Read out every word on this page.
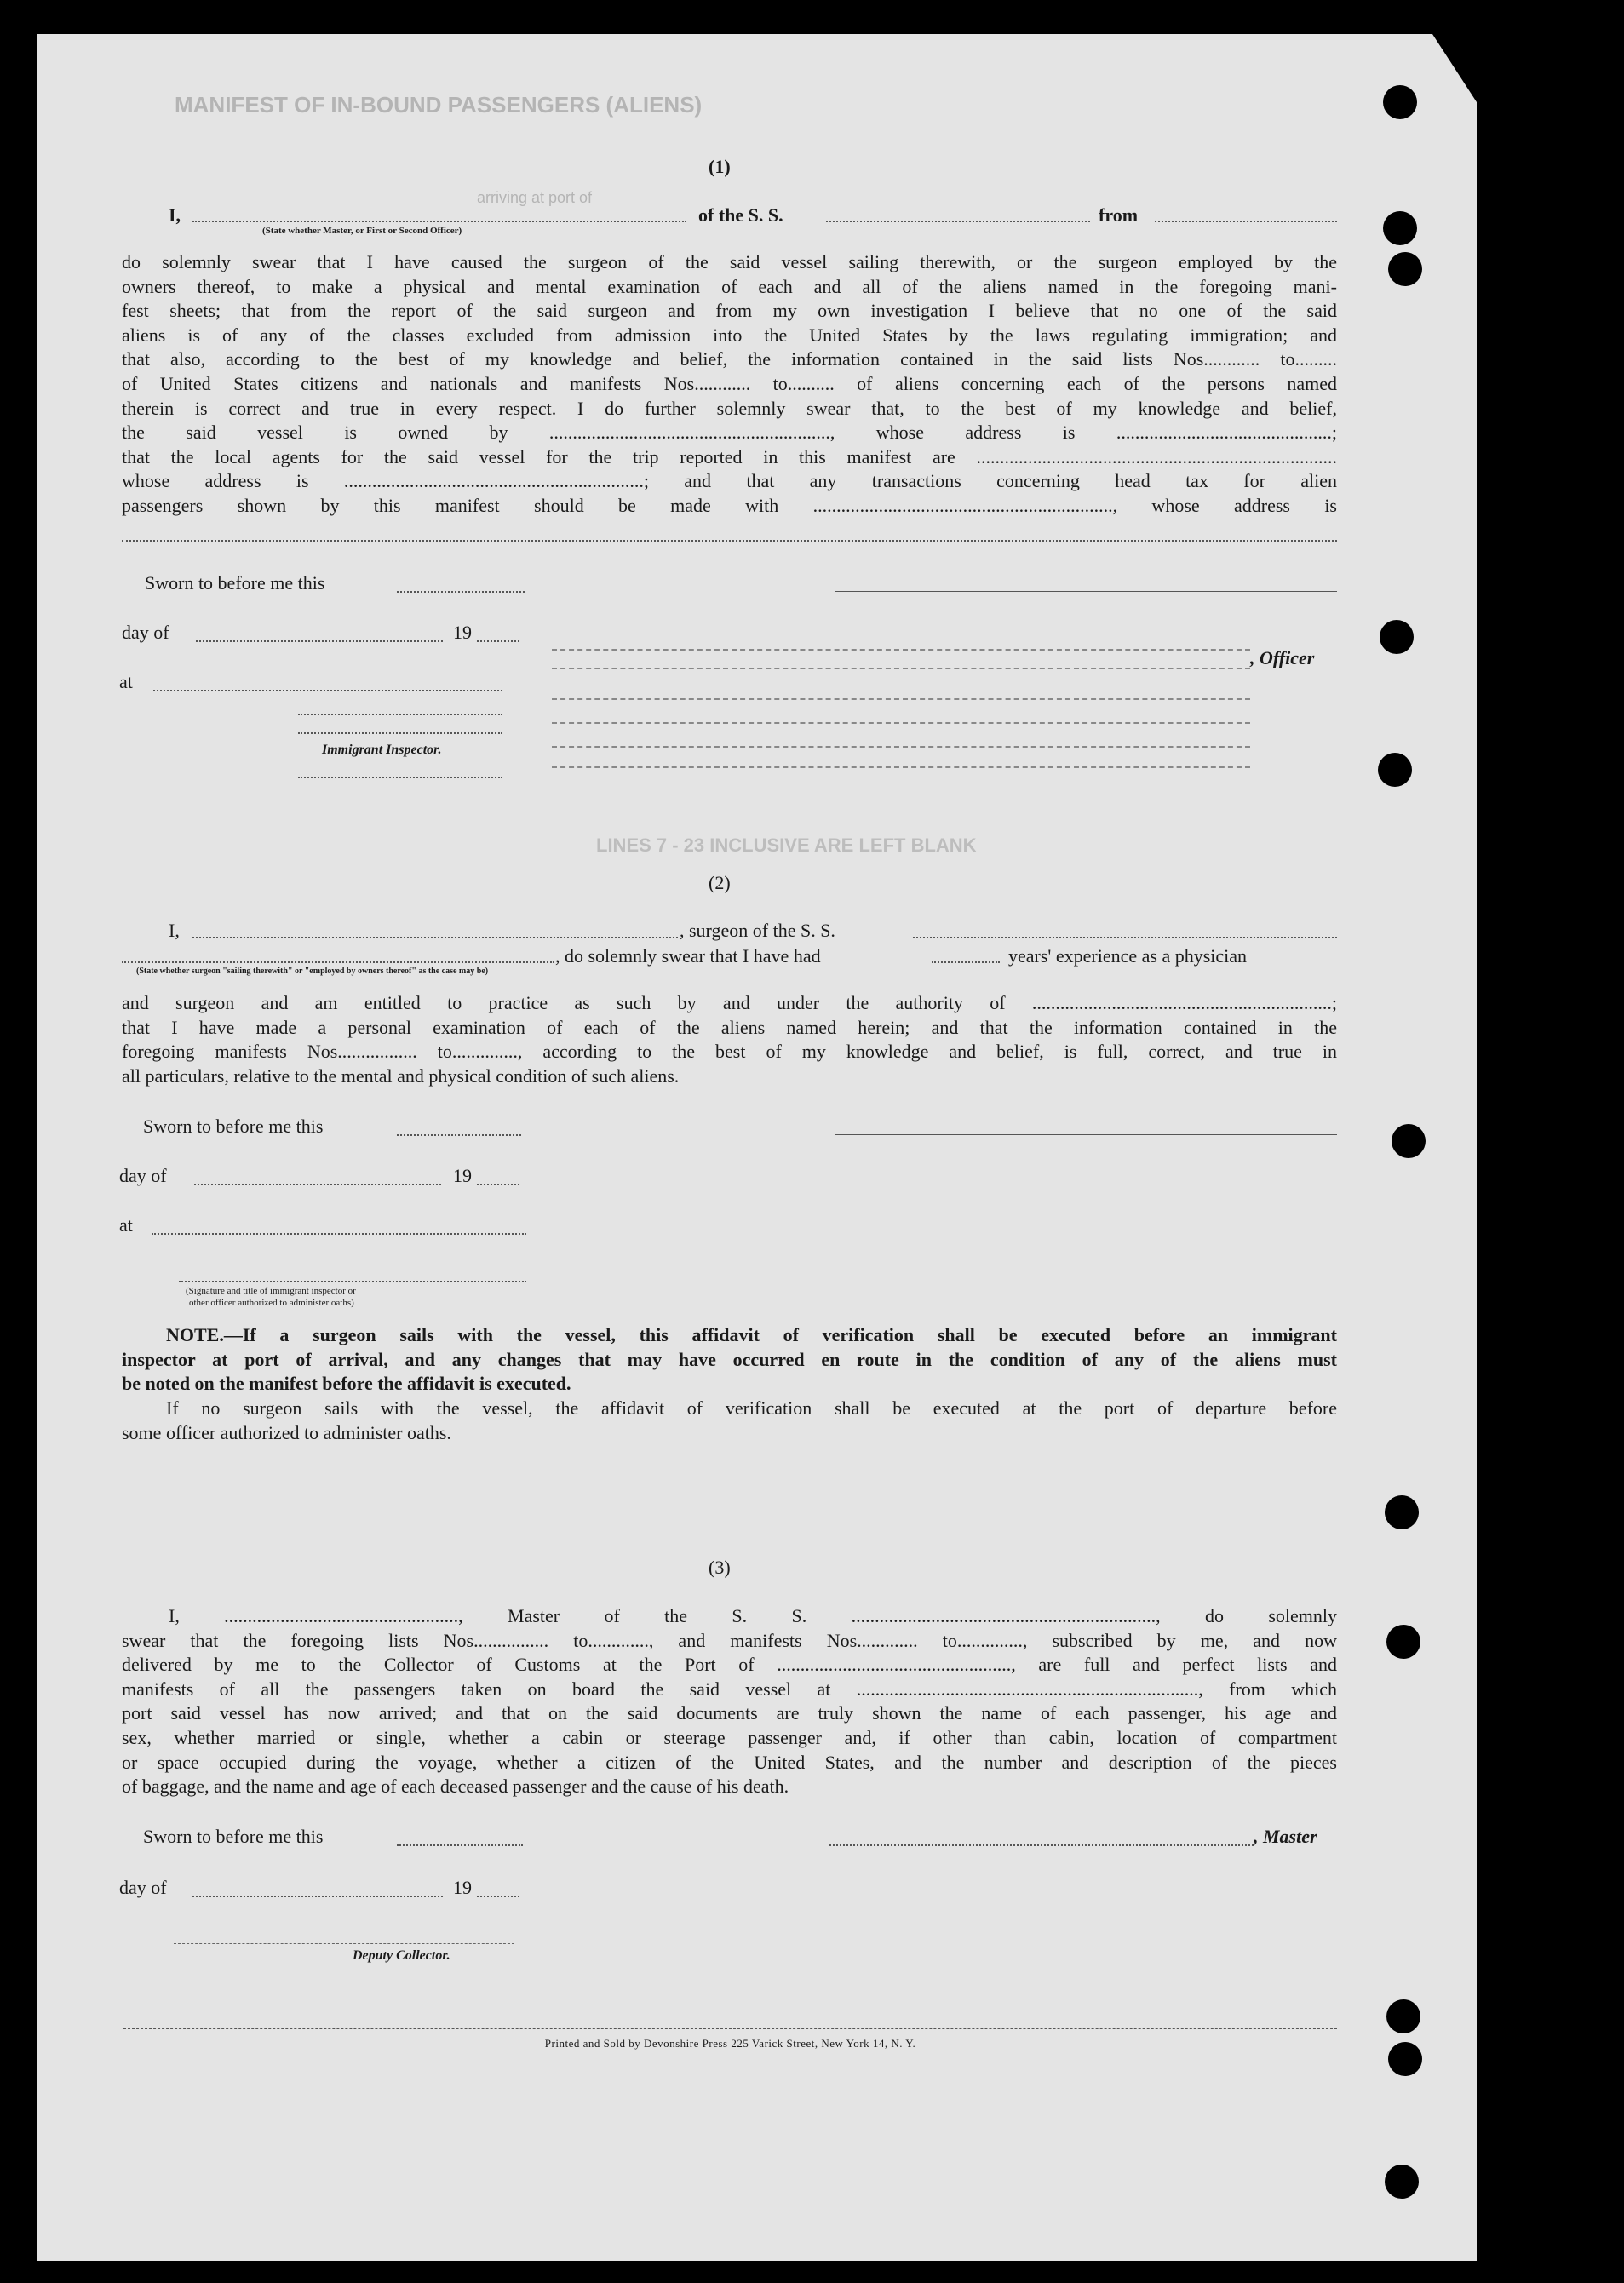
MANIFEST OF IN-BOUND PASSENGERS (ALIENS)
arriving at port of
(1)
I,
(State whether Master, or First or Second Officer)
of the S. S.	from

do solemnly swear that I have caused the surgeon of the said vessel sailing therewith, or the surgeon employed by the

owners thereof, to make a physical and mental examination of each and all of the aliens named in the foregoing mani-

fest sheets; that from the report of the said surgeon and from my own investigation I believe that no one of the said

aliens is of any of the classes excluded from admission into the United States by the laws regulating immigration; and

that also, according to the best of my knowledge and belief, the information contained in the said lists Nos............ to.........

of United States citizens and nationals and manifests Nos............ to.......... of aliens concerning each of the persons named

therein is correct and true in every respect. I do further solemnly swear that, to the best of my knowledge and belief,

the said vessel is owned by ............................................................, whose address is ..............................................;

that the local agents for the said vessel for the trip reported in this manifest are .............................................................................

whose address is ................................................................; and that any transactions concerning head tax for alien

passengers shown by this manifest should be made with ................................................................, whose address is

Sworn to before me this
day of	19
, Officer
at
Immigrant Inspector.
LINES 7 - 23 INCLUSIVE ARE LEFT BLANK
(2)
I,	, surgeon of the S. S.
(State whether surgeon "sailing therewith" or "employed by owners thereof" as the case may be)
, do solemnly swear that I have had	years' experience as a physician

and surgeon and am entitled to practice as such by and under the authority of ................................................................;

that I have made a personal examination of each of the aliens named herein; and that the information contained in the

foregoing manifests Nos................. to.............., according to the best of my knowledge and belief, is full, correct, and true in

all particulars, relative to the mental and physical condition of such aliens.

Sworn to before me this
day of	19
at
(Signature and title of immigrant inspector or
other officer authorized to administer oaths)

NOTE.—If a surgeon sails with the vessel, this affidavit of verification shall be executed before an immigrant

inspector at port of arrival, and any changes that may have occurred en route in the condition of any of the aliens must

be noted on the manifest before the affidavit is executed.

If no surgeon sails with the vessel, the affidavit of verification shall be executed at the port of departure before

some officer authorized to administer oaths.

(3)

I, .................................................., Master of the S. S. ................................................................., do solemnly

swear that the foregoing lists Nos................ to............., and manifests Nos............. to.............., subscribed by me, and now

delivered by me to the Collector of Customs at the Port of .................................................., are full and perfect lists and

manifests of all the passengers taken on board the said vessel at ........................................................................., from which

port said vessel has now arrived; and that on the said documents are truly shown the name of each passenger, his age and

sex, whether married or single, whether a cabin or steerage passenger and, if other than cabin, location of compartment

or space occupied during the voyage, whether a citizen of the United States, and the number and description of the pieces

of baggage, and the name and age of each deceased passenger and the cause of his death.

Sworn to before me this	, Master
day of	19
Deputy Collector.
Printed and Sold by Devonshire Press 225 Varick Street, New York 14, N. Y.
